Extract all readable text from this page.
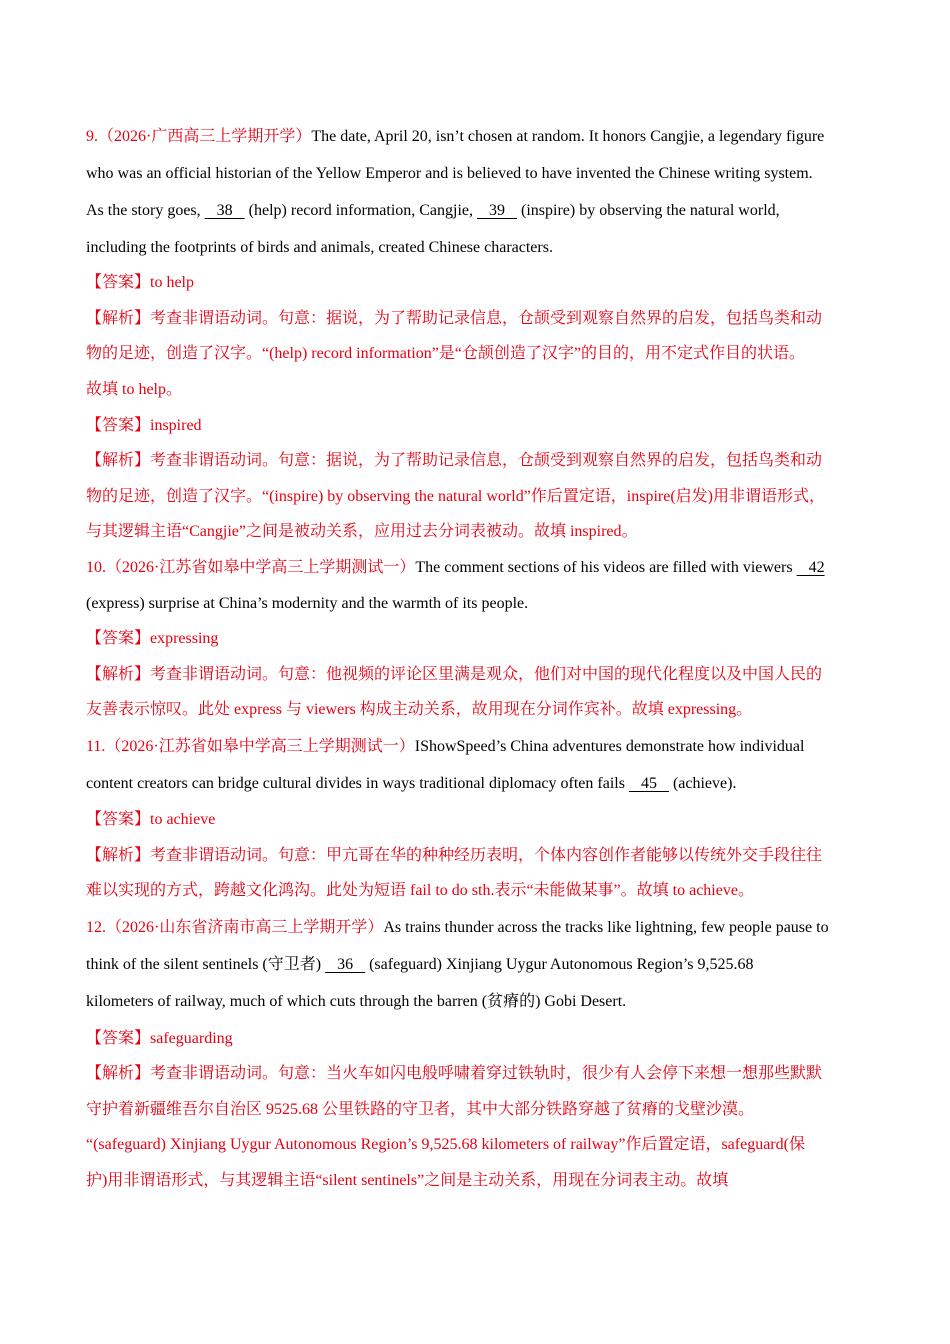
9.（2026·广西高三上学期开学）The date, April 20, isn’t chosen at random. It honors Cangjie, a legendary figure
who was an official historian of the Yellow Emperor and is believed to have invented the Chinese writing system.
As the story goes,    38    (help) record information, Cangjie,    39    (inspire) by observing the natural world,
including the footprints of birds and animals, created Chinese characters.
【答案】to help
【解析】考查非谓语动词。句意：据说，为了帮助记录信息，仓颉受到观察自然界的启发，包括鸟类和动
物的足迹，创造了汉字。“(help) record information”是“仓颉创造了汉字”的目的，用不定式作目的状语。
故填 to help。
【答案】inspired
【解析】考查非谓语动词。句意：据说，为了帮助记录信息，仓颉受到观察自然界的启发，包括鸟类和动
物的足迹，创造了汉字。“(inspire) by observing the natural world”作后置定语，inspire(启发)用非谓语形式，
与其逻辑主语“Cangjie”之间是被动关系，应用过去分词表被动。故填 inspired。
10.（2026·江苏省如皋中学高三上学期测试一）The comment sections of his videos are filled with viewers    42
(express) surprise at China’s modernity and the warmth of its people.
【答案】expressing
【解析】考查非谓语动词。句意：他视频的评论区里满是观众，他们对中国的现代化程度以及中国人民的
友善表示惊叹。此处 express 与 viewers 构成主动关系，故用现在分词作宾补。故填 expressing。
11.（2026·江苏省如皋中学高三上学期测试一）IShowSpeed’s China adventures demonstrate how individual
content creators can bridge cultural divides in ways traditional diplomacy often fails    45    (achieve).
【答案】to achieve
【解析】考查非谓语动词。句意：甲亢哥在华的种种经历表明，个体内容创作者能够以传统外交手段往往
难以实现的方式，跨越文化鸿沟。此处为短语 fail to do sth.表示“未能做某事”。故填 to achieve。
12.（2026·山东省济南市高三上学期开学）As trains thunder across the tracks like lightning, few people pause to
think of the silent sentinels (守卫者)    36    (safeguard) Xinjiang Uygur Autonomous Region’s 9,525.68
kilometers of railway, much of which cuts through the barren (贫瘠的) Gobi Desert.
【答案】safeguarding
【解析】考查非谓语动词。句意：当火车如闪电般呼啸着穿过铁轨时，很少有人会停下来想一想那些默默
守护着新疆维吾尔自治区 9525.68 公里铁路的守卫者，其中大部分铁路穿越了贫瘠的戈壁沙漠。
“(safeguard) Xinjiang Uygur Autonomous Region’s 9,525.68 kilometers of railway”作后置定语，safeguard(保
护)用非谓语形式，与其逻辑主语“silent sentinels”之间是主动关系，用现在分词表主动。故填
